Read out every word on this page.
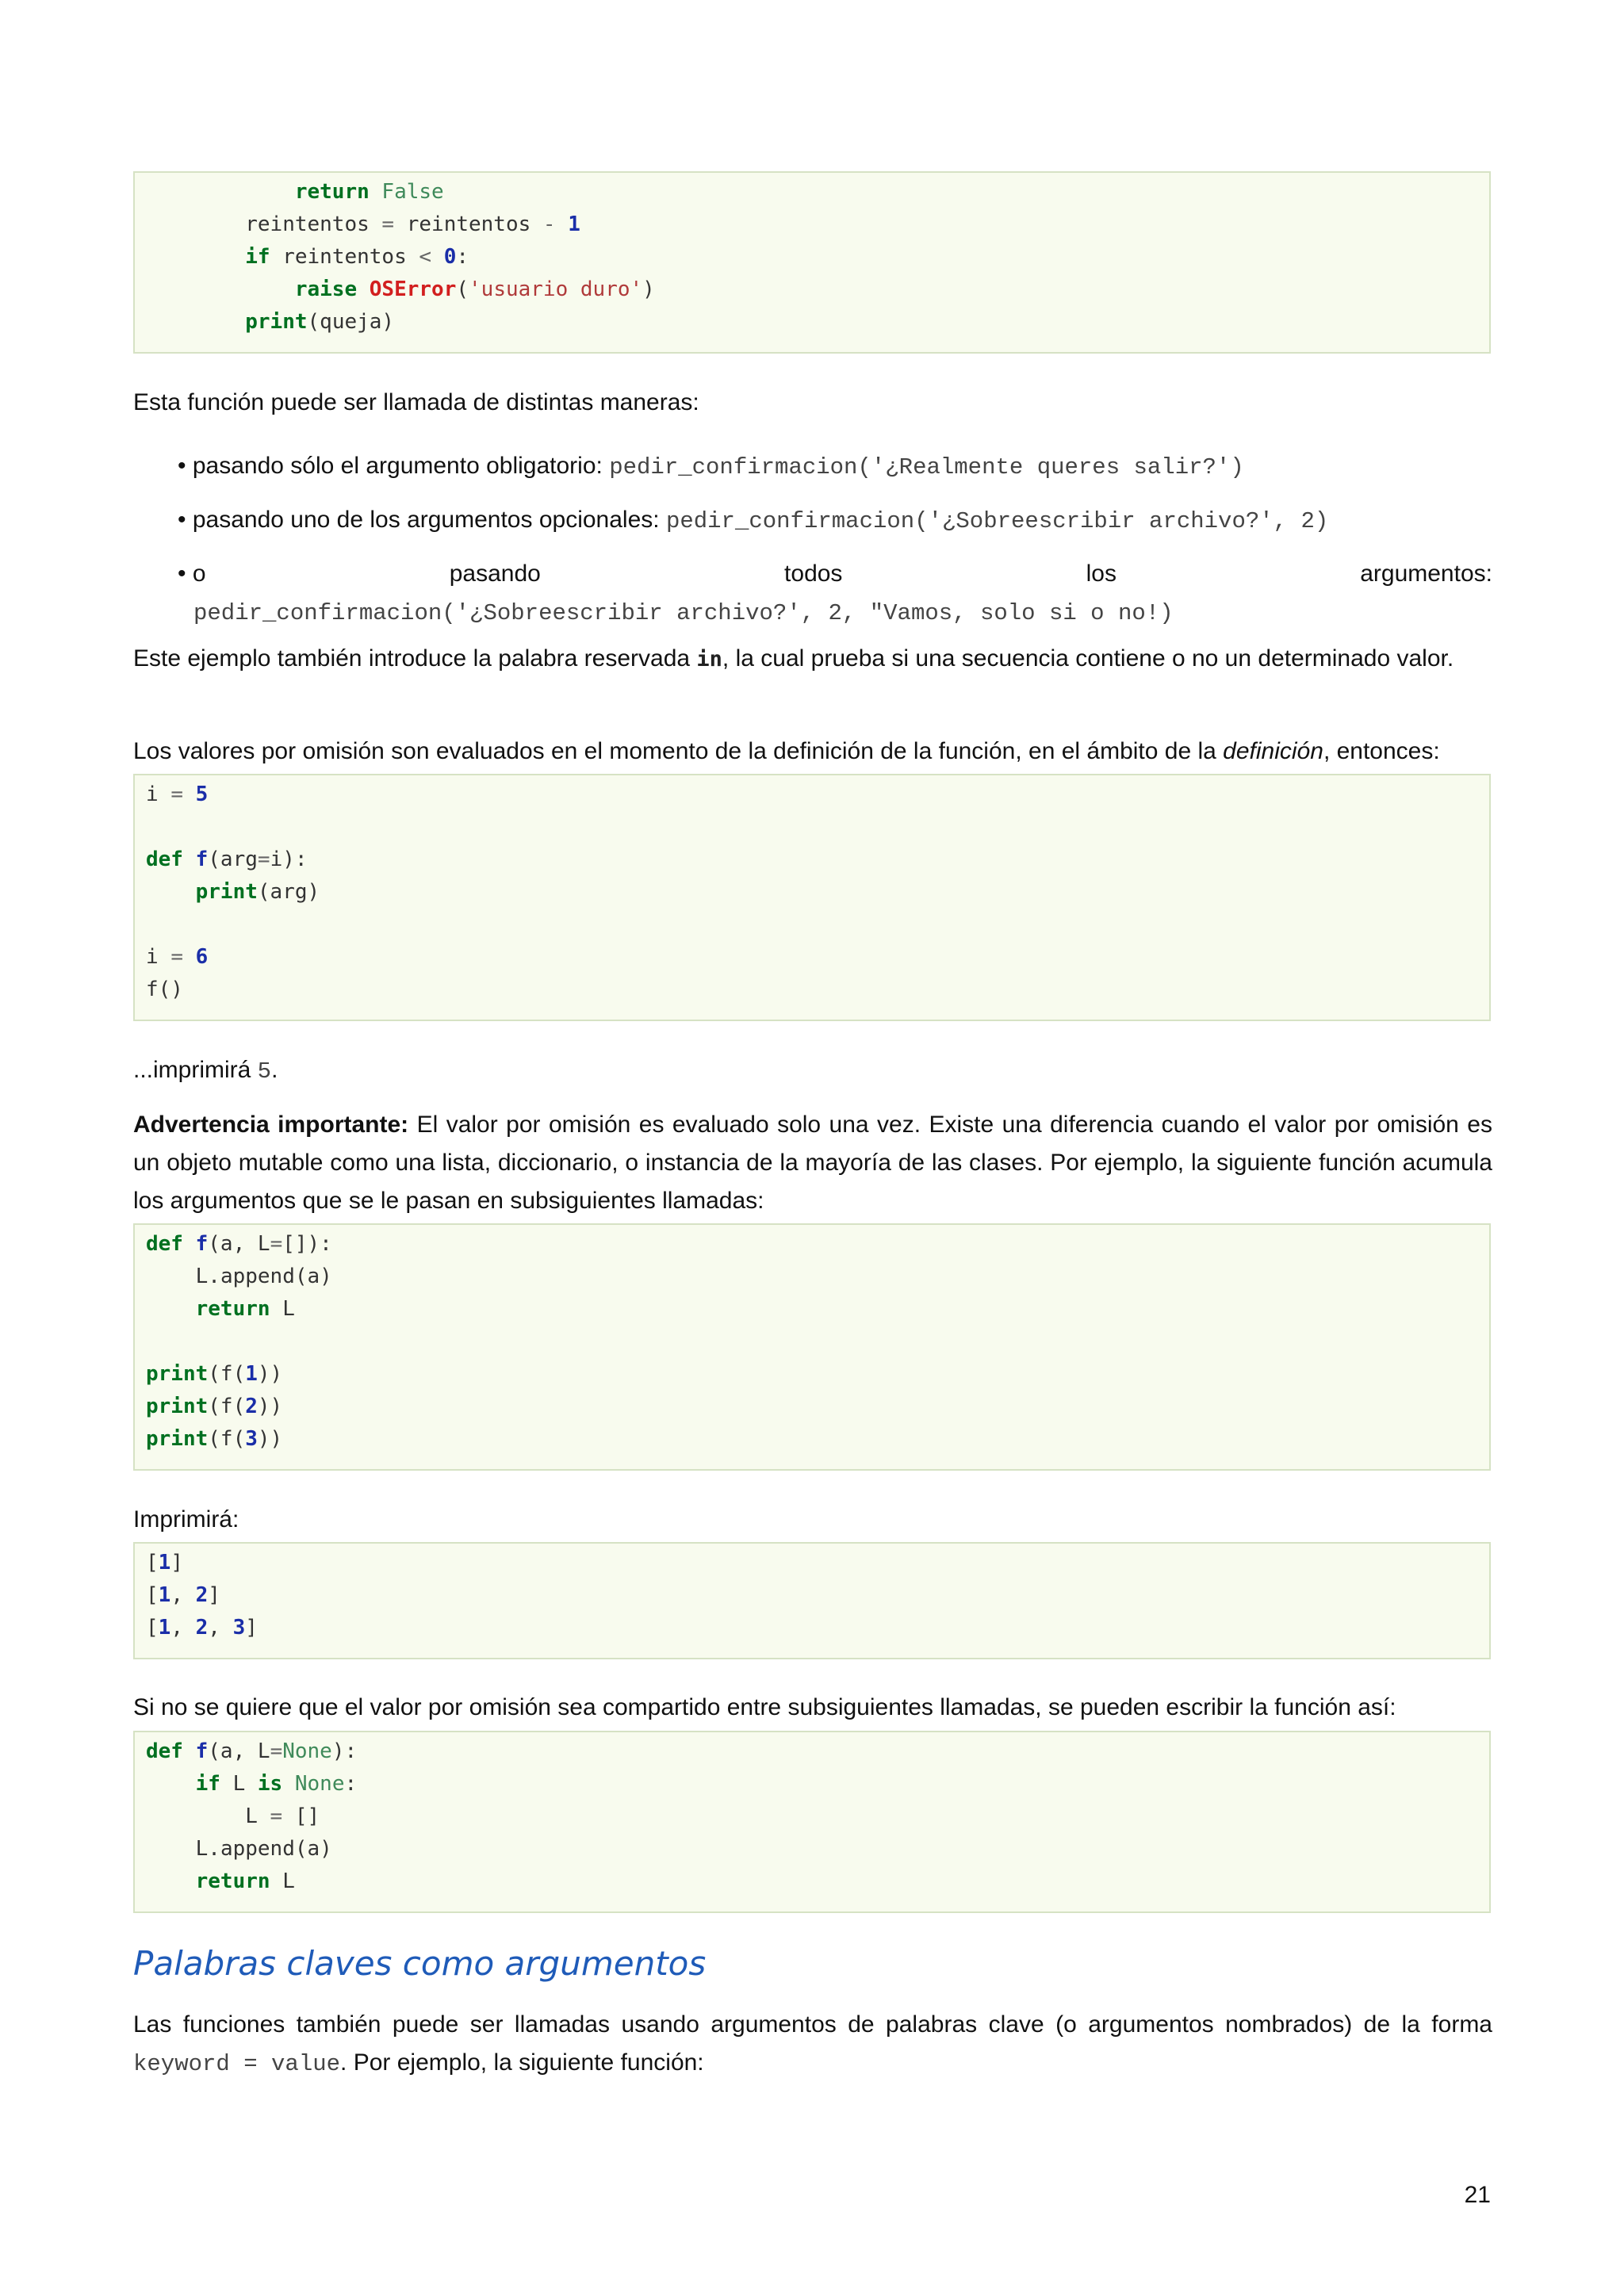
return False
reintentos = reintentos - 1
if reintentos < 0:
raise OSError('usuario duro')
print(queja)
Esta función puede ser llamada de distintas maneras:
• pasando sólo el argumento obligatorio: pedir_confirmacion('¿Realmente queres salir?')
• pasando uno de los argumentos opcionales: pedir_confirmacion('¿Sobreescribir archivo?', 2)
• o	pasando	todos	los	argumentos:
pedir_confirmacion('¿Sobreescribir archivo?', 2, "Vamos, solo si o no!)
Este ejemplo también introduce la palabra reservada in, la cual prueba si una secuencia contiene o no un determinado valor.
Los valores por omisión son evaluados en el momento de la definición de la función, en el ámbito de la definición, entonces:
i = 5
def f(arg=i):
print(arg)
i = 6
f()
...imprimirá 5.
Advertencia importante: El valor por omisión es evaluado solo una vez. Existe una diferencia cuando el valor por omisión es un objeto mutable como una lista, diccionario, o instancia de la mayoría de las clases. Por ejemplo, la siguiente función acumula los argumentos que se le pasan en subsiguientes llamadas:
def f(a, L=[]):
L.append(a)
return L
print(f(1))
print(f(2))
print(f(3))
Imprimirá:
[1]
[1, 2]
[1, 2, 3]
Si no se quiere que el valor por omisión sea compartido entre subsiguientes llamadas, se pueden escribir la función así:
def f(a, L=None):
if L is None:
L = []
L.append(a)
return L
Palabras claves como argumentos
Las funciones también puede ser llamadas usando argumentos de palabras clave (o argumentos nombrados) de la forma keyword = value. Por ejemplo, la siguiente función:
21
